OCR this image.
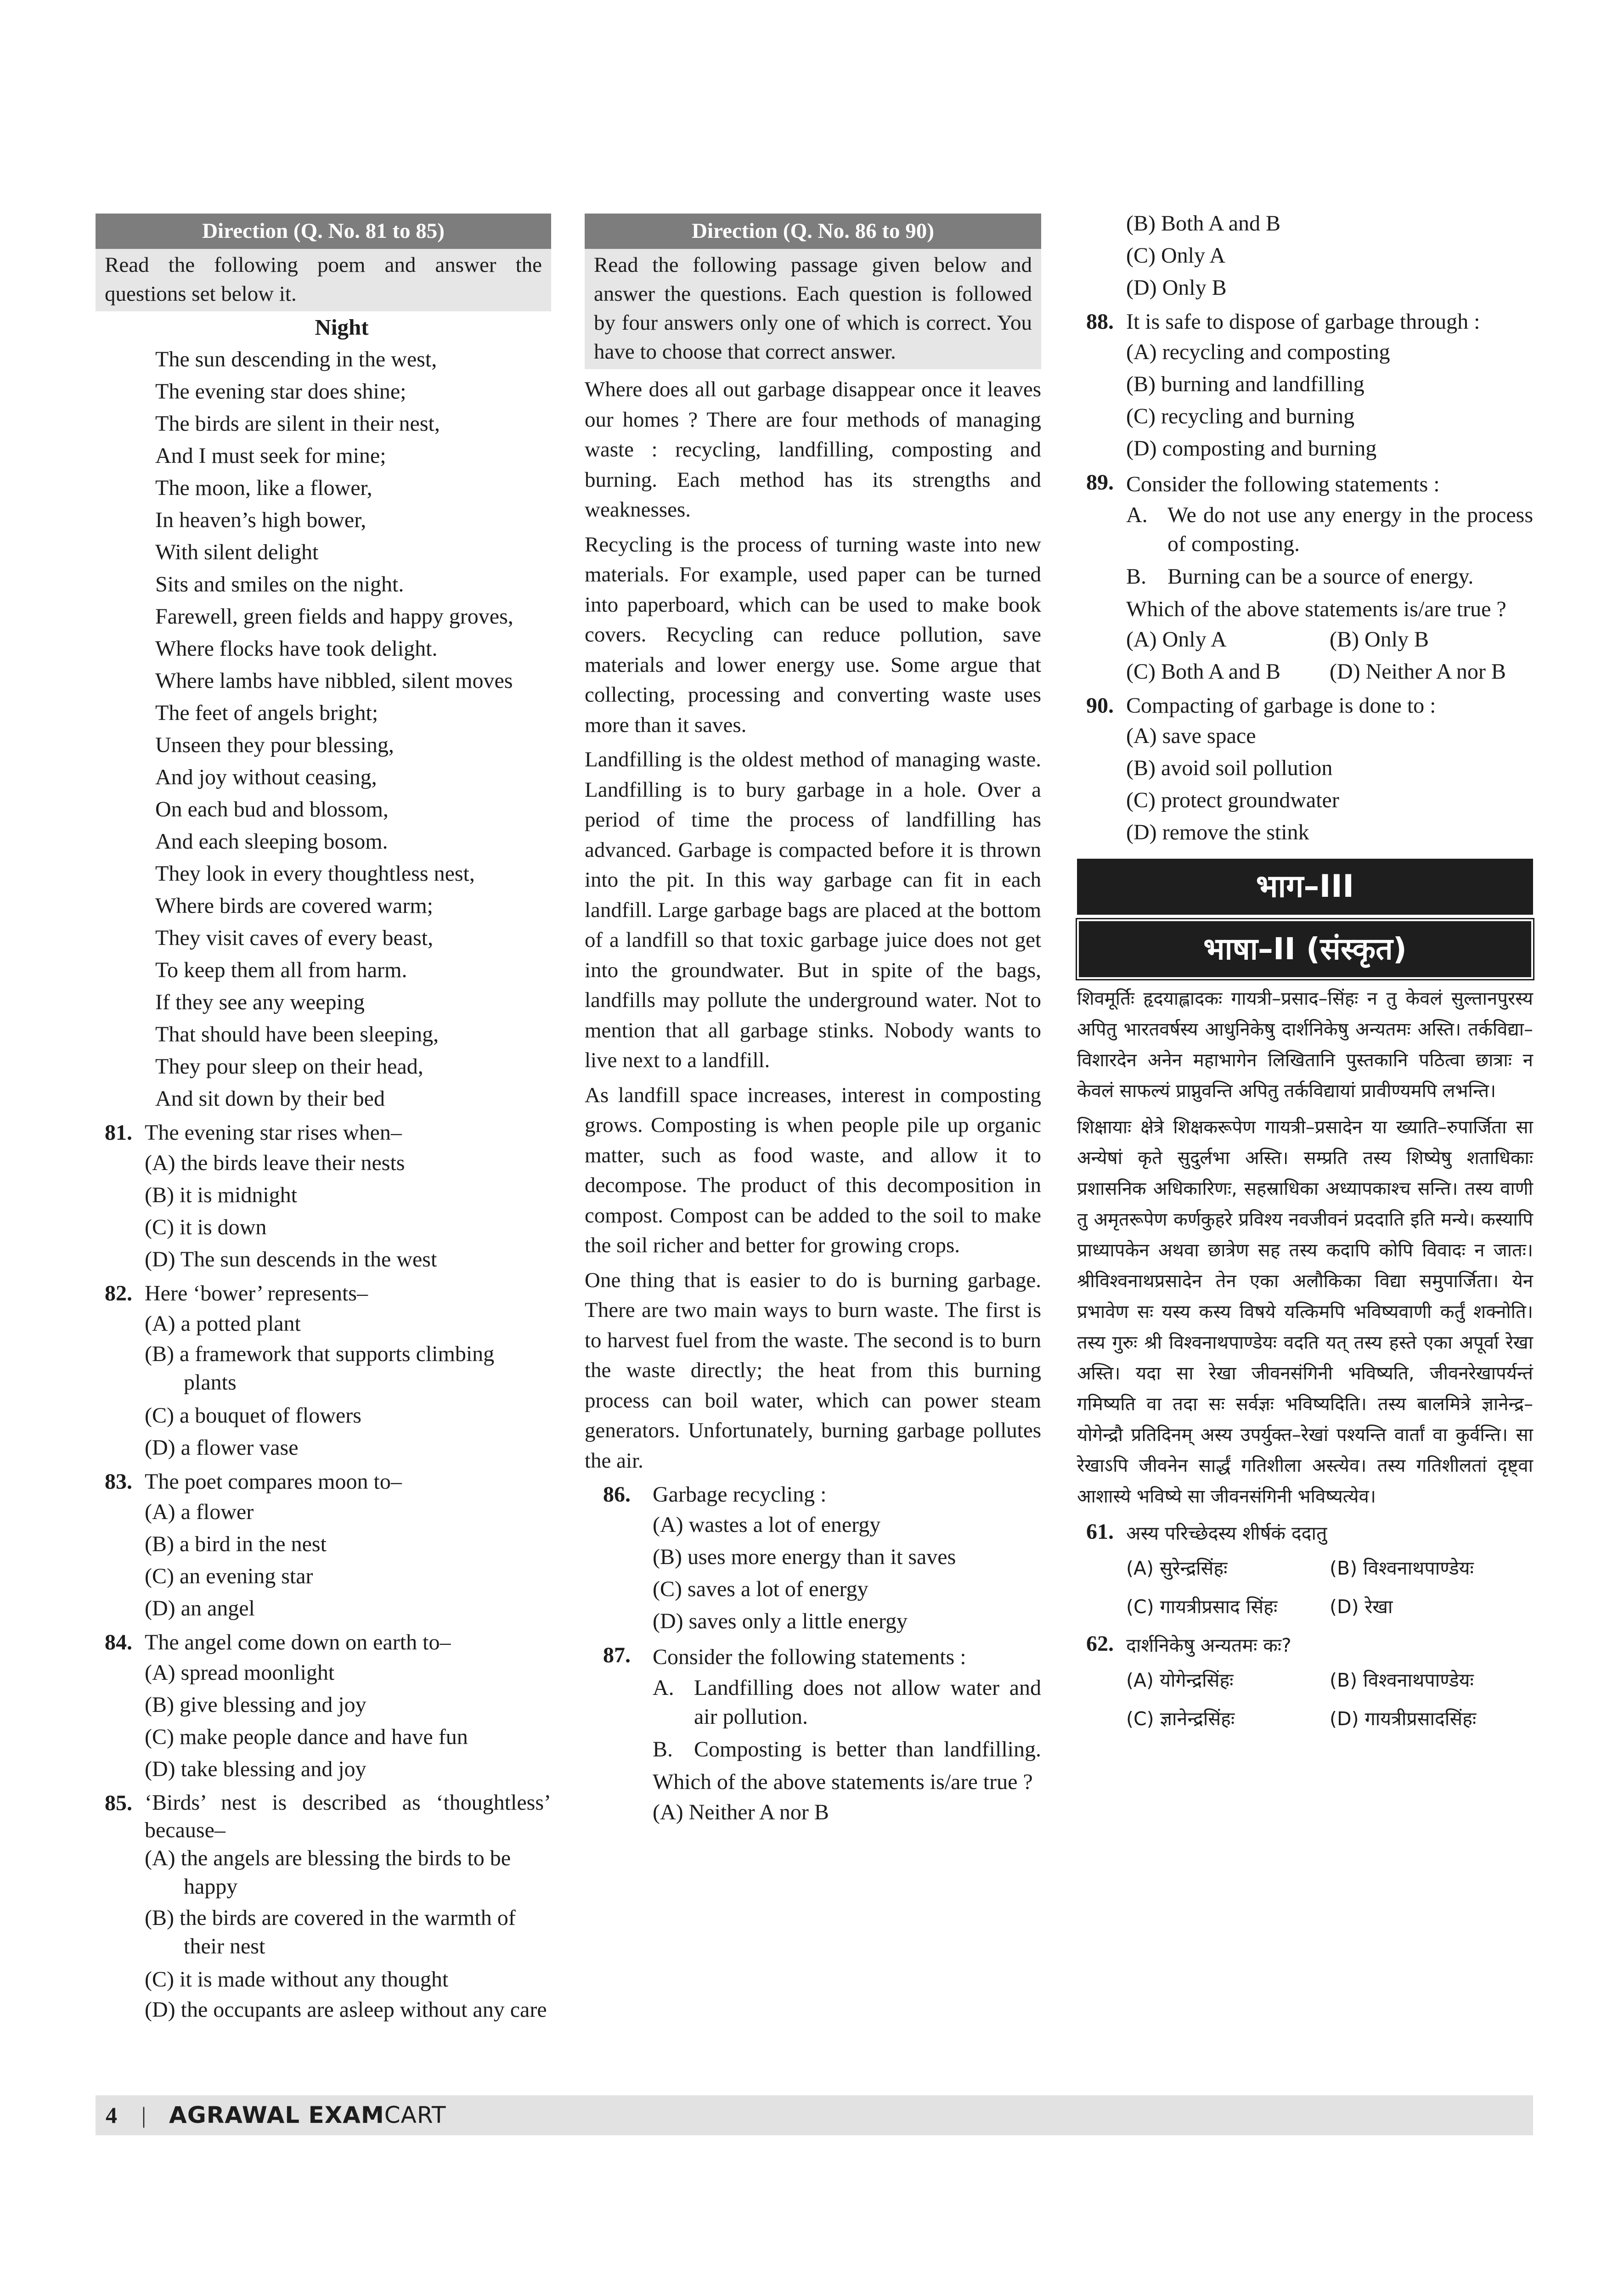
Direction (Q. No. 81 to 85)
Read the following poem and answer the questions set below it.
Night
The sun descending in the west,
The evening star does shine;
The birds are silent in their nest,
And I must seek for mine;
The moon, like a flower,
In heaven’s high bower,
With silent delight
Sits and smiles on the night.
Farewell, green fields and happy groves,
Where flocks have took delight.
Where lambs have nibbled, silent moves
The feet of angels bright;
Unseen they pour blessing,
And joy without ceasing,
On each bud and blossom,
And each sleeping bosom.
They look in every thoughtless nest,
Where birds are covered warm;
They visit caves of every beast,
To keep them all from harm.
If they see any weeping
That should have been sleeping,
They pour sleep on their head,
And sit down by their bed
81. The evening star rises when–
(A) the birds leave their nests
(B) it is midnight
(C) it is down
(D) The sun descends in the west
82. Here ‘bower’ represents–
(A) a potted plant
(B) a framework that supports climbing plants
(C) a bouquet of flowers
(D) a flower vase
83. The poet compares moon to–
(A) a flower
(B) a bird in the nest
(C) an evening star
(D) an angel
84. The angel come down on earth to–
(A) spread moonlight
(B) give blessing and joy
(C) make people dance and have fun
(D) take blessing and joy
85. ‘Birds’ nest is described as ‘thoughtless’ because–
(A) the angels are blessing the birds to be happy
(B) the birds are covered in the warmth of their nest
(C) it is made without any thought
(D) the occupants are asleep without any care
Direction (Q. No. 86 to 90)
Read the following passage given below and answer the questions. Each question is followed by four answers only one of which is correct. You have to choose that correct answer.
Where does all out garbage disappear once it leaves our homes ? There are four methods of managing waste : recycling, landfilling, composting and burning. Each method has its strengths and weaknesses.
Recycling is the process of turning waste into new materials. For example, used paper can be turned into paperboard, which can be used to make book covers. Recycling can reduce pollution, save materials and lower energy use. Some argue that collecting, processing and converting waste uses more than it saves.
Landfilling is the oldest method of managing waste. Landfilling is to bury garbage in a hole. Over a period of time the process of landfilling has advanced. Garbage is compacted before it is thrown into the pit. In this way garbage can fit in each landfill. Large garbage bags are placed at the bottom of a landfill so that toxic garbage juice does not get into the groundwater. But in spite of the bags, landfills may pollute the underground water. Not to mention that all garbage stinks. Nobody wants to live next to a landfill.
As landfill space increases, interest in composting grows. Composting is when people pile up organic matter, such as food waste, and allow it to decompose. The product of this decomposition in compost. Compost can be added to the soil to make the soil richer and better for growing crops.
One thing that is easier to do is burning garbage. There are two main ways to burn waste. The first is to harvest fuel from the waste. The second is to burn the waste directly; the heat from this burning process can boil water, which can power steam generators. Unfortunately, burning garbage pollutes the air.
86. Garbage recycling :
(A) wastes a lot of energy
(B) uses more energy than it saves
(C) saves a lot of energy
(D) saves only a little energy
87. Consider the following statements :
A. Landfilling does not allow water and air pollution.
B. Composting is better than landfilling.
Which of the above statements is/are true ?
(A) Neither A nor B
(B) Both A and B
(C) Only A
(D) Only B
88. It is safe to dispose of garbage through :
(A) recycling and composting
(B) burning and landfilling
(C) recycling and burning
(D) composting and burning
89. Consider the following statements :
A. We do not use any energy in the process of composting.
B. Burning can be a source of energy.
Which of the above statements is/are true ?
(A) Only A	(B) Only B
(C) Both A and B	(D) Neither A nor B
90. Compacting of garbage is done to :
(A) save space
(B) avoid soil pollution
(C) protect groundwater
(D) remove the stink
भाग–III
भाषा–II (संस्कृत)
शिवमूर्तिः हृदयाह्लादकः गायत्री–प्रसाद–सिंहः न तु केवलं सुल्तानपुरस्य अपितु भारतवर्षस्य आधुनिकेषु दार्शनिकेषु अन्यतमः अस्ति। तर्कविद्या–विशारदेन अनेन महाभागेन लिखितानि पुस्तकानि पठित्वा छात्राः न केवलं साफल्यं प्राप्नुवन्ति अपितु तर्कविद्यायां प्रावीण्यमपि लभन्ति।
शिक्षायाः क्षेत्रे शिक्षकरूपेण गायत्री–प्रसादेन या ख्याति–रुपार्जिता सा अन्येषां कृते सुदुर्लभा अस्ति। सम्प्रति तस्य शिष्येषु शताधिकाः प्रशासनिक अधिकारिणः, सहस्राधिका अध्यापकाश्च सन्ति। तस्य वाणी तु अमृतरूपेण कर्णकुहरे प्रविश्य नवजीवनं प्रददाति इति मन्ये। कस्यापि प्राध्यापकेन अथवा छात्रेण सह तस्य कदापि कोपि विवादः न जातः। श्रीविश्वनाथप्रसादेन तेन एका अलौकिका विद्या समुपार्जिता। येन प्रभावेण सः यस्य कस्य विषये यत्किमपि भविष्यवाणी कर्तुं शक्नोति। तस्य गुरुः श्री विश्वनाथपाण्डेयः वदति यत् तस्य हस्ते एका अपूर्वा रेखा अस्ति। यदा सा रेखा जीवनसंगिनी भविष्यति, जीवनरेखापर्यन्तं गमिष्यति वा तदा सः सर्वज्ञः भविष्यदिति। तस्य बालमित्रे ज्ञानेन्द्र– योगेन्द्रौ प्रतिदिनम् अस्य उपर्युक्त–रेखां पश्यन्ति वार्तां वा कुर्वन्ति। सा रेखाऽपि जीवनेन सार्द्धं गतिशीला अस्त्येव। तस्य गतिशीलतां दृष्ट्वा आशास्ये भविष्ये सा जीवनसंगिनी भविष्यत्येव।
61. अस्य परिच्छेदस्य शीर्षकं ददातु
(A) सुरेन्द्रसिंहः	(B) विश्वनाथपाण्डेयः
(C) गायत्रीप्रसाद सिंहः	(D) रेखा
62. दार्शनिकेषु अन्यतमः कः?
(A) योगेन्द्रसिंहः	(B) विश्वनाथपाण्डेयः
(C) ज्ञानेन्द्रसिंहः	(D) गायत्रीप्रसादसिंहः
4 | AGRAWAL EXAMCART
